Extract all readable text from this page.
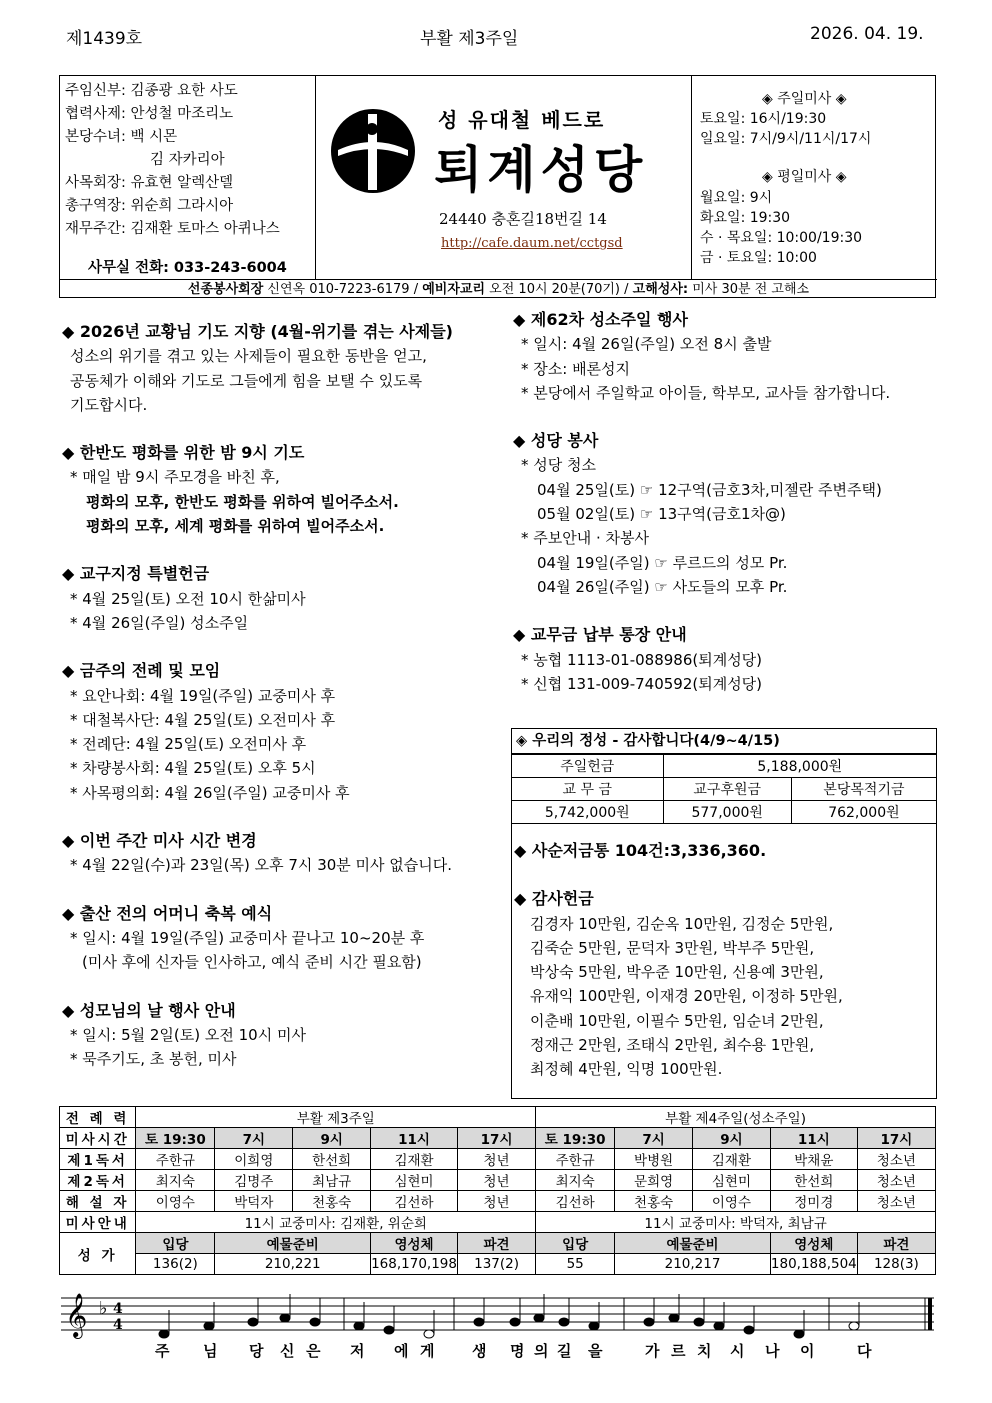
제1439호	부활 제3주일	2026. 04. 19.
주임신부: 김종광 요한 사도
협력사제: 안성철 마조리노
본당수녀: 백 시몬
김 자카리아
사목회장: 유효현 알렉산델
총구역장: 위순희 그라시아
재무주간: 김재환 토마스 아퀴나스
사무실 전화: 033-243-6004
성 유대철 베드로
퇴계성당
24440 충혼길18번길 14
http://cafe.daum.net/cctgsd
◈ 주일미사 ◈
토요일: 16시/19:30
일요일: 7시/9시/11시/17시
◈ 평일미사 ◈
월요일: 9시
화요일: 19:30
수 · 목요일: 10:00/19:30
금 · 토요일: 10:00
선종봉사회장 신연옥 010-7223-6179 / 예비자교리 오전 10시 20분(70기) / 고해성사: 미사 30분 전 고해소
◆ 2026년 교황님 기도 지향 (4월-위기를 겪는 사제들)
성소의 위기를 겪고 있는 사제들이 필요한 동반을 얻고,
공동체가 이해와 기도로 그들에게 힘을 보탤 수 있도록
기도합시다.
◆ 한반도 평화를 위한 밤 9시 기도
* 매일 밤 9시 주모경을 바친 후,
평화의 모후, 한반도 평화를 위하여 빌어주소서.
평화의 모후, 세계 평화를 위하여 빌어주소서.
◆ 교구지정 특별헌금
* 4월 25일(토) 오전 10시 한삶미사
* 4월 26일(주일) 성소주일
◆ 금주의 전례 및 모임
* 요안나회: 4월 19일(주일) 교중미사 후
* 대철복사단: 4월 25일(토) 오전미사 후
* 전례단: 4월 25일(토) 오전미사 후
* 차량봉사회: 4월 25일(토) 오후 5시
* 사목평의회: 4월 26일(주일) 교중미사 후
◆ 이번 주간 미사 시간 변경
* 4월 22일(수)과 23일(목) 오후 7시 30분 미사 없습니다.
◆ 출산 전의 어머니 축복 예식
* 일시: 4월 19일(주일) 교중미사 끝나고 10~20분 후
(미사 후에 신자들 인사하고, 예식 준비 시간 필요함)
◆ 성모님의 날 행사 안내
* 일시: 5월 2일(토) 오전 10시 미사
* 묵주기도, 초 봉헌, 미사
◆ 제62차 성소주일 행사
* 일시: 4월 26일(주일) 오전 8시 출발
* 장소: 배론성지
* 본당에서 주일학교 아이들, 학부모, 교사들 참가합니다.
◆ 성당 봉사
* 성당 청소
04월 25일(토) ☞ 12구역(금호3차,미젤란 주변주택)
05월 02일(토) ☞ 13구역(금호1차@)
* 주보안내 · 차봉사
04월 19일(주일) ☞ 루르드의 성모 Pr.
04월 26일(주일) ☞ 사도들의 모후 Pr.
◆ 교무금 납부 통장 안내
* 농협 1113-01-088986(퇴계성당)
* 신협 131-009-740592(퇴계성당)
◈ 우리의 정성 - 감사합니다(4/9~4/15)
주일헌금	5,188,000원	
교 무 금	교구후원금	본당목적기금
5,742,000원	577,000원	762,000원
◆ 사순저금통 104건:3,336,360.
◆ 감사헌금
김경자 10만원, 김순옥 10만원, 김정순 5만원,
김죽순 5만원, 문덕자 3만원, 박부주 5만원,
박상숙 5만원, 박우준 10만원, 신용예 3만원,
유재익 100만원, 이재경 20만원, 이정하 5만원,
이춘배 10만원, 이필수 5만원, 임순녀 2만원,
정재근 2만원, 조태식 2만원, 최수용 1만원,
최정혜 4만원, 익명 100만원.
전 례 력	부활 제3주일					부활 제4주일(성소주일)				
미사시간	토 19:30	7시	9시	11시	17시	토 19:30	7시	9시	11시	17시
제1독서	주한규	이희영	한선희	김재환	청년	주한규	박병원	김재환	박채윤	청소년
제2독서	최지숙	김명주	최남규	심현미	청년	최지숙	문희영	심현미	한선희	청소년
해 설 자	이영수	박덕자	천홍숙	김선하	청년	김선하	천홍숙	이영수	정미경	청소년
미사안내	11시 교중미사: 김재환, 위순희					11시 교중미사: 박덕자, 최남규				
성 가	입당	예물준비		영성체	파견	입당	예물준비		영성체	파견
	136(2)	210,221		168,170,198	137(2)	55	210,217		180,188,504	128(3)
𝄞 ♭ 4
4
주 님 당 신 은 저 에 게	생 명 의 길 을	가 르 치 시 나 이	다
